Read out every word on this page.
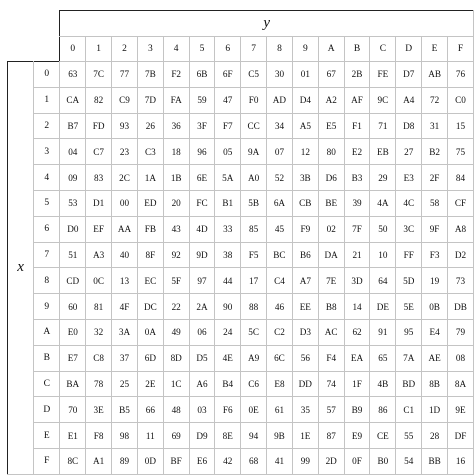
		y															
		0	1	2	3	4	5	6	7	8	9	A	B	C	D	E	F
x	0	63	7C	77	7B	F2	6B	6F	C5	30	01	67	2B	FE	D7	AB	76
	1	CA	82	C9	7D	FA	59	47	F0	AD	D4	A2	AF	9C	A4	72	C0
	2	B7	FD	93	26	36	3F	F7	CC	34	A5	E5	F1	71	D8	31	15
	3	04	C7	23	C3	18	96	05	9A	07	12	80	E2	EB	27	B2	75
	4	09	83	2C	1A	1B	6E	5A	A0	52	3B	D6	B3	29	E3	2F	84
	5	53	D1	00	ED	20	FC	B1	5B	6A	CB	BE	39	4A	4C	58	CF
	6	D0	EF	AA	FB	43	4D	33	85	45	F9	02	7F	50	3C	9F	A8
	7	51	A3	40	8F	92	9D	38	F5	BC	B6	DA	21	10	FF	F3	D2
	8	CD	0C	13	EC	5F	97	44	17	C4	A7	7E	3D	64	5D	19	73
	9	60	81	4F	DC	22	2A	90	88	46	EE	B8	14	DE	5E	0B	DB
	A	E0	32	3A	0A	49	06	24	5C	C2	D3	AC	62	91	95	E4	79
	B	E7	C8	37	6D	8D	D5	4E	A9	6C	56	F4	EA	65	7A	AE	08
	C	BA	78	25	2E	1C	A6	B4	C6	E8	DD	74	1F	4B	BD	8B	8A
	D	70	3E	B5	66	48	03	F6	0E	61	35	57	B9	86	C1	1D	9E
	E	E1	F8	98	11	69	D9	8E	94	9B	1E	87	E9	CE	55	28	DF
	F	8C	A1	89	0D	BF	E6	42	68	41	99	2D	0F	B0	54	BB	16
